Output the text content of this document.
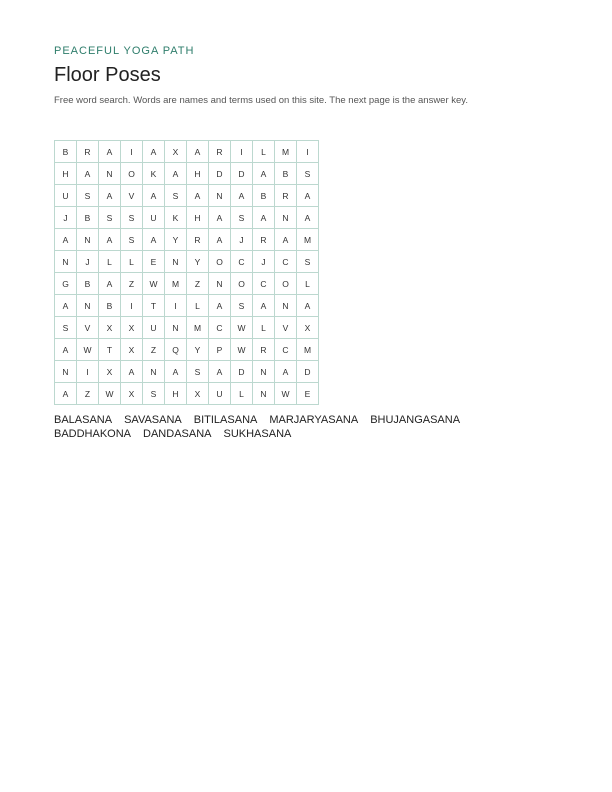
PEACEFUL YOGA PATH
Floor Poses
Free word search. Words are names and terms used on this site. The next page is the answer key.
B	R	A	I	A	X	A	R	I	L	M	I
H	A	N	O	K	A	H	D	D	A	B	S
U	S	A	V	A	S	A	N	A	B	R	A
J	B	S	S	U	K	H	A	S	A	N	A
A	N	A	S	A	Y	R	A	J	R	A	M
N	J	L	L	E	N	Y	O	C	J	C	S
G	B	A	Z	W	M	Z	N	O	C	O	L
A	N	B	I	T	I	L	A	S	A	N	A
S	V	X	X	U	N	M	C	W	L	V	X
A	W	T	X	Z	Q	Y	P	W	R	C	M
N	I	X	A	N	A	S	A	D	N	A	D
A	Z	W	X	S	H	X	U	L	N	W	E
BALASANA SAVASANA BITILASANA MARJARYASANA BHUJANGASANABADDHAKONA DANDASANA SUKHASANA
